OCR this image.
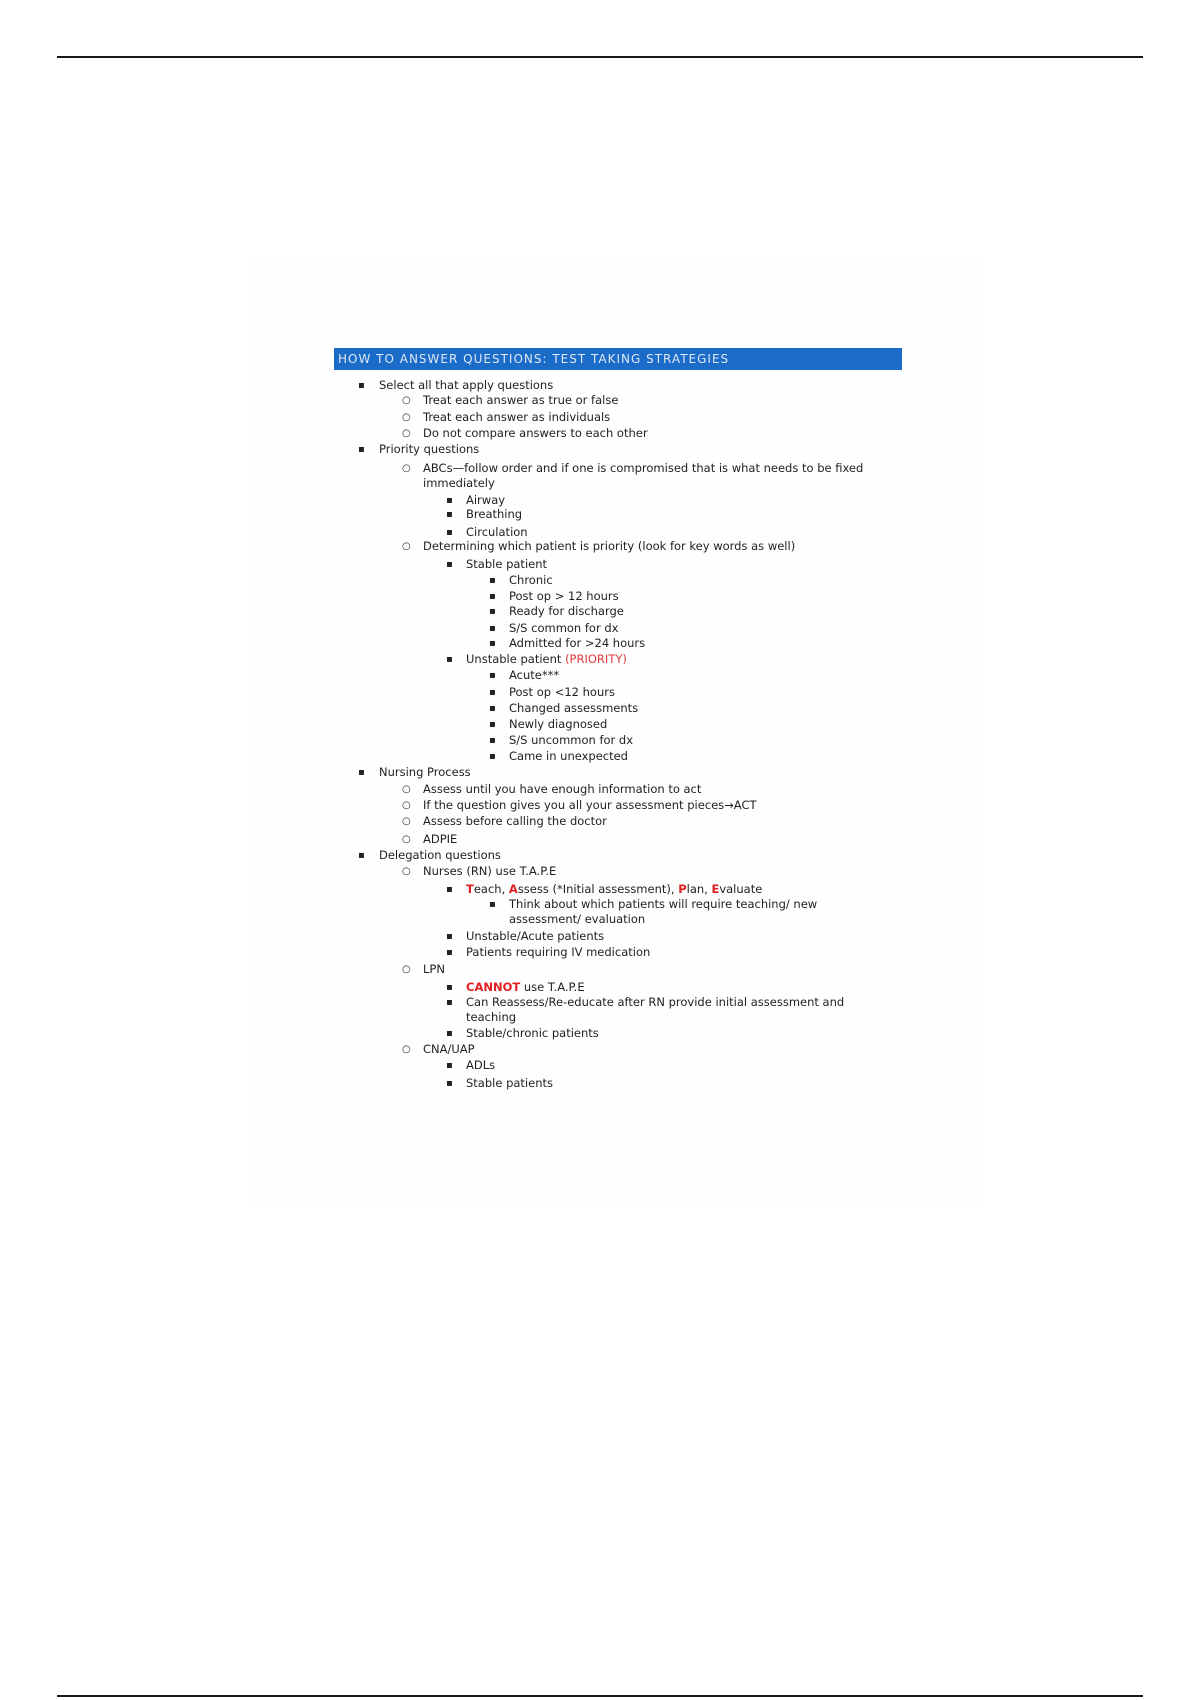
HOW TO ANSWER QUESTIONS: TEST TAKING STRATEGIES
▪ Select all that apply questions
○ Treat each answer as true or false
○ Treat each answer as individuals
○ Do not compare answers to each other
▪ Priority questions
○ ABCs—follow order and if one is compromised that is what needs to be fixed
immediately
▪ Airway
▪ Breathing
▪ Circulation
○ Determining which patient is priority (look for key words as well)
▪ Stable patient
▪ Chronic
▪ Post op > 12 hours
▪ Ready for discharge
▪ S/S common for dx
▪ Admitted for >24 hours
▪ Unstable patient (PRIORITY)
▪ Acute***
▪ Post op <12 hours
▪ Changed assessments
▪ Newly diagnosed
▪ S/S uncommon for dx
▪ Came in unexpected
▪ Nursing Process
○ Assess until you have enough information to act
○ If the question gives you all your assessment pieces→ACT
○ Assess before calling the doctor
○ ADPIE
▪ Delegation questions
○ Nurses (RN) use T.A.P.E
▪ Teach, Assess (*Initial assessment), Plan, Evaluate
▪ Think about which patients will require teaching/ new
assessment/ evaluation
▪ Unstable/Acute patients
▪ Patients requiring IV medication
○ LPN
▪ CANNOT use T.A.P.E
▪ Can Reassess/Re-educate after RN provide initial assessment and
teaching
▪ Stable/chronic patients
○ CNA/UAP
▪ ADLs
▪ Stable patients
